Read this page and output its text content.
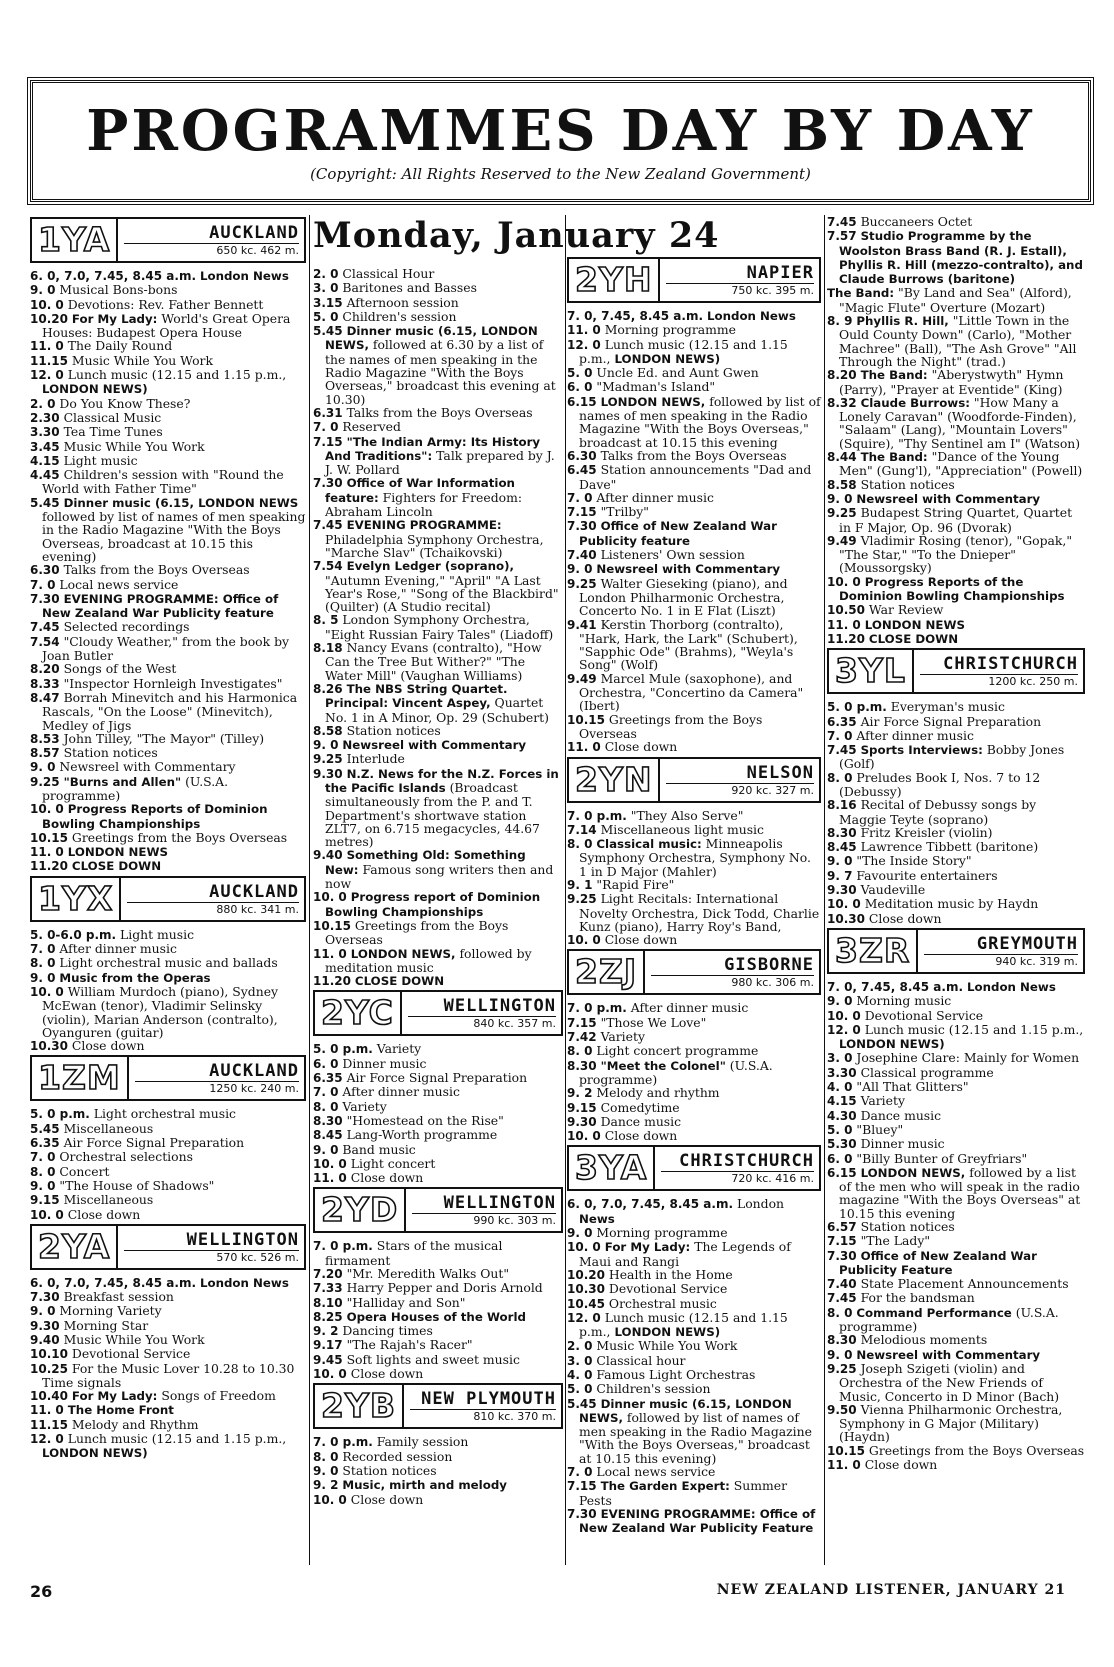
PROGRAMMES DAY BY DAY
(Copyright: All Rights Reserved to the New Zealand Government)
1YA	AUCKLAND
650 kc. 462 m.

6. 0, 7.0, 7.45, 8.45 a.m. London News

9. 0 Musical Bons-bons

10. 0 Devotions: Rev. Father Bennett

10.20 For My Lady: World's Great Opera Houses: Budapest Opera House

11. 0 The Daily Round

11.15 Music While You Work

12. 0 Lunch music (12.15 and 1.15 p.m., LONDON NEWS)

2. 0 Do You Know These?

2.30 Classical Music

3.30 Tea Time Tunes

3.45 Music While You Work

4.15 Light music

4.45 Children's session with "Round the World with Father Time"

5.45 Dinner music (6.15, LONDON NEWS followed by list of names of men speaking in the Radio Magazine "With the Boys Overseas, broadcast at 10.15 this evening)

6.30 Talks from the Boys Overseas

7. 0 Local news service

7.30 EVENING PROGRAMME: Office of New Zealand War Publicity feature

7.45 Selected recordings

7.54 "Cloudy Weather," from the book by Joan Butler

8.20 Songs of the West

8.33 "Inspector Hornleigh Investigates"

8.47 Borrah Minevitch and his Harmonica Rascals, "On the Loose" (Minevitch), Medley of Jigs

8.53 John Tilley, "The Mayor" (Tilley)

8.57 Station notices

9. 0 Newsreel with Commentary

9.25 "Burns and Allen" (U.S.A. programme)

10. 0 Progress Reports of Dominion Bowling Championships

10.15 Greetings from the Boys Overseas

11. 0 LONDON NEWS

11.20 CLOSE DOWN

1YX	AUCKLAND
880 kc. 341 m.

5. 0-6.0 p.m. Light music

7. 0 After dinner music

8. 0 Light orchestral music and ballads

9. 0 Music from the Operas

10. 0 William Murdoch (piano), Sydney McEwan (tenor), Vladimir Selinsky (violin), Marian Anderson (contralto), Oyanguren (guitar)

10.30 Close down

1ZM	AUCKLAND
1250 kc. 240 m.

5. 0 p.m. Light orchestral music

5.45 Miscellaneous

6.35 Air Force Signal Preparation

7. 0 Orchestral selections

8. 0 Concert

9. 0 "The House of Shadows"

9.15 Miscellaneous

10. 0 Close down

2YA	WELLINGTON
570 kc. 526 m.

6. 0, 7.0, 7.45, 8.45 a.m. London News

7.30 Breakfast session

9. 0 Morning Variety

9.30 Morning Star

9.40 Music While You Work

10.10 Devotional Service

10.25 For the Music Lover 10.28 to 10.30 Time signals

10.40 For My Lady: Songs of Freedom

11. 0 The Home Front

11.15 Melody and Rhythm

12. 0 Lunch music (12.15 and 1.15 p.m., LONDON NEWS)

Monday, January 24

2. 0 Classical Hour

3. 0 Baritones and Basses

3.15 Afternoon session

5. 0 Children's session

5.45 Dinner music (6.15, LONDON NEWS, followed at 6.30 by a list of the names of men speaking in the Radio Magazine "With the Boys Overseas," broadcast this evening at 10.30)

6.31 Talks from the Boys Overseas

7. 0 Reserved

7.15 "The Indian Army: Its History And Traditions": Talk prepared by J. J. W. Pollard

7.30 Office of War Information feature: Fighters for Freedom: Abraham Lincoln

7.45 EVENING PROGRAMME: Philadelphia Symphony Orchestra, "Marche Slav" (Tchaikovski)

7.54 Evelyn Ledger (soprano), "Autumn Evening," "April" "A Last Year's Rose," "Song of the Blackbird" (Quilter) (A Studio recital)

8. 5 London Symphony Orchestra, "Eight Russian Fairy Tales" (Liadoff)

8.18 Nancy Evans (contralto), "How Can the Tree But Wither?" "The Water Mill" (Vaughan Williams)

8.26 The NBS String Quartet. Principal: Vincent Aspey, Quartet No. 1 in A Minor, Op. 29 (Schubert)

8.58 Station notices

9. 0 Newsreel with Commentary

9.25 Interlude

9.30 N.Z. News for the N.Z. Forces in the Pacific Islands (Broadcast simultaneously from the P. and T. Department's shortwave station ZLT7, on 6.715 megacycles, 44.67 metres)

9.40 Something Old: Something New: Famous song writers then and now

10. 0 Progress report of Dominion Bowling Championships

10.15 Greetings from the Boys Overseas

11. 0 LONDON NEWS, followed by meditation music

11.20 CLOSE DOWN

2YC	WELLINGTON
840 kc. 357 m.

5. 0 p.m. Variety

6. 0 Dinner music

6.35 Air Force Signal Preparation

7. 0 After dinner music

8. 0 Variety

8.30 "Homestead on the Rise"

8.45 Lang-Worth programme

9. 0 Band music

10. 0 Light concert

11. 0 Close down

2YD	WELLINGTON
990 kc. 303 m.

7. 0 p.m. Stars of the musical firmament

7.20 "Mr. Meredith Walks Out"

7.33 Harry Pepper and Doris Arnold

8.10 "Halliday and Son"

8.25 Opera Houses of the World

9. 2 Dancing times

9.17 "The Rajah's Racer"

9.45 Soft lights and sweet music

10. 0 Close down

2YB	NEW PLYMOUTH
810 kc. 370 m.

7. 0 p.m. Family session

8. 0 Recorded session

9. 0 Station notices

9. 2 Music, mirth and melody

10. 0 Close down

2YH	NAPIER
750 kc. 395 m.

7. 0, 7.45, 8.45 a.m. London News

11. 0 Morning programme

12. 0 Lunch music (12.15 and 1.15 p.m., LONDON NEWS)

5. 0 Uncle Ed. and Aunt Gwen

6. 0 "Madman's Island"

6.15 LONDON NEWS, followed by list of names of men speaking in the Radio Magazine "With the Boys Overseas," broadcast at 10.15 this evening

6.30 Talks from the Boys Overseas

6.45 Station announcements "Dad and Dave"

7. 0 After dinner music

7.15 "Trilby"

7.30 Office of New Zealand War Publicity feature

7.40 Listeners' Own session

9. 0 Newsreel with Commentary

9.25 Walter Gieseking (piano), and London Philharmonic Orchestra, Concerto No. 1 in E Flat (Liszt)

9.41 Kerstin Thorborg (contralto), "Hark, Hark, the Lark" (Schubert), "Sapphic Ode" (Brahms), "Weyla's Song" (Wolf)

9.49 Marcel Mule (saxophone), and Orchestra, "Concertino da Camera" (Ibert)

10.15 Greetings from the Boys Overseas

11. 0 Close down

2YN	NELSON
920 kc. 327 m.

7. 0 p.m. "They Also Serve"

7.14 Miscellaneous light music

8. 0 Classical music: Minneapolis Symphony Orchestra, Symphony No. 1 in D Major (Mahler)

9. 1 "Rapid Fire"

9.25 Light Recitals: International Novelty Orchestra, Dick Todd, Charlie Kunz (piano), Harry Roy's Band,

10. 0 Close down

2ZJ	GISBORNE
980 kc. 306 m.

7. 0 p.m. After dinner music

7.15 "Those We Love"

7.42 Variety

8. 0 Light concert programme

8.30 "Meet the Colonel" (U.S.A. programme)

9. 2 Melody and rhythm

9.15 Comedytime

9.30 Dance music

10. 0 Close down

3YA	CHRISTCHURCH
720 kc. 416 m.

6. 0, 7.0, 7.45, 8.45 a.m. London News

9. 0 Morning programme

10. 0 For My Lady: The Legends of Maui and Rangi

10.20 Health in the Home

10.30 Devotional Service

10.45 Orchestral music

12. 0 Lunch music (12.15 and 1.15 p.m., LONDON NEWS)

2. 0 Music While You Work

3. 0 Classical hour

4. 0 Famous Light Orchestras

5. 0 Children's session

5.45 Dinner music (6.15, LONDON NEWS, followed by list of names of men speaking in the Radio Magazine "With the Boys Overseas," broadcast at 10.15 this evening)

7. 0 Local news service

7.15 The Garden Expert: Summer Pests

7.30 EVENING PROGRAMME: Office of New Zealand War Publicity Feature

7.45 Buccaneers Octet

7.57 Studio Programme by the Woolston Brass Band (R. J. Estall), Phyllis R. Hill (mezzo-contralto), and Claude Burrows (baritone)

The Band: "By Land and Sea" (Alford), "Magic Flute" Overture (Mozart)

8. 9 Phyllis R. Hill, "Little Town in the Ould County Down" (Carlo), "Mother Machree" (Ball), "The Ash Grove" "All Through the Night" (trad.)

8.20 The Band: "Aberystwyth" Hymn (Parry), "Prayer at Eventide" (King)

8.32 Claude Burrows: "How Many a Lonely Caravan" (Woodforde-Finden), "Salaam" (Lang), "Mountain Lovers" (Squire), "Thy Sentinel am I" (Watson)

8.44 The Band: "Dance of the Young Men" (Gung'l), "Appreciation" (Powell)

8.58 Station notices

9. 0 Newsreel with Commentary

9.25 Budapest String Quartet, Quartet in F Major, Op. 96 (Dvorak)

9.49 Vladimir Rosing (tenor), "Gopak," "The Star," "To the Dnieper" (Moussorgsky)

10. 0 Progress Reports of the Dominion Bowling Championships

10.50 War Review

11. 0 LONDON NEWS

11.20 CLOSE DOWN

3YL	CHRISTCHURCH
1200 kc. 250 m.

5. 0 p.m. Everyman's music

6.35 Air Force Signal Preparation

7. 0 After dinner music

7.45 Sports Interviews: Bobby Jones (Golf)

8. 0 Preludes Book I, Nos. 7 to 12 (Debussy)

8.16 Recital of Debussy songs by Maggie Teyte (soprano)

8.30 Fritz Kreisler (violin)

8.45 Lawrence Tibbett (baritone)

9. 0 "The Inside Story"

9. 7 Favourite entertainers

9.30 Vaudeville

10. 0 Meditation music by Haydn

10.30 Close down

3ZR	GREYMOUTH
940 kc. 319 m.

7. 0, 7.45, 8.45 a.m. London News

9. 0 Morning music

10. 0 Devotional Service

12. 0 Lunch music (12.15 and 1.15 p.m., LONDON NEWS)

3. 0 Josephine Clare: Mainly for Women

3.30 Classical programme

4. 0 "All That Glitters"

4.15 Variety

4.30 Dance music

5. 0 "Bluey"

5.30 Dinner music

6. 0 "Billy Bunter of Greyfriars"

6.15 LONDON NEWS, followed by a list of the men who will speak in the radio magazine "With the Boys Overseas" at 10.15 this evening

6.57 Station notices

7.15 "The Lady"

7.30 Office of New Zealand War Publicity Feature

7.40 State Placement Announcements

7.45 For the bandsman

8. 0 Command Performance (U.S.A. programme)

8.30 Melodious moments

9. 0 Newsreel with Commentary

9.25 Joseph Szigeti (violin) and Orchestra of the New Friends of Music, Concerto in D Minor (Bach)

9.50 Vienna Philharmonic Orchestra, Symphony in G Major (Military) (Haydn)

10.15 Greetings from the Boys Overseas

11. 0 Close down

26	NEW ZEALAND LISTENER, JANUARY 21
